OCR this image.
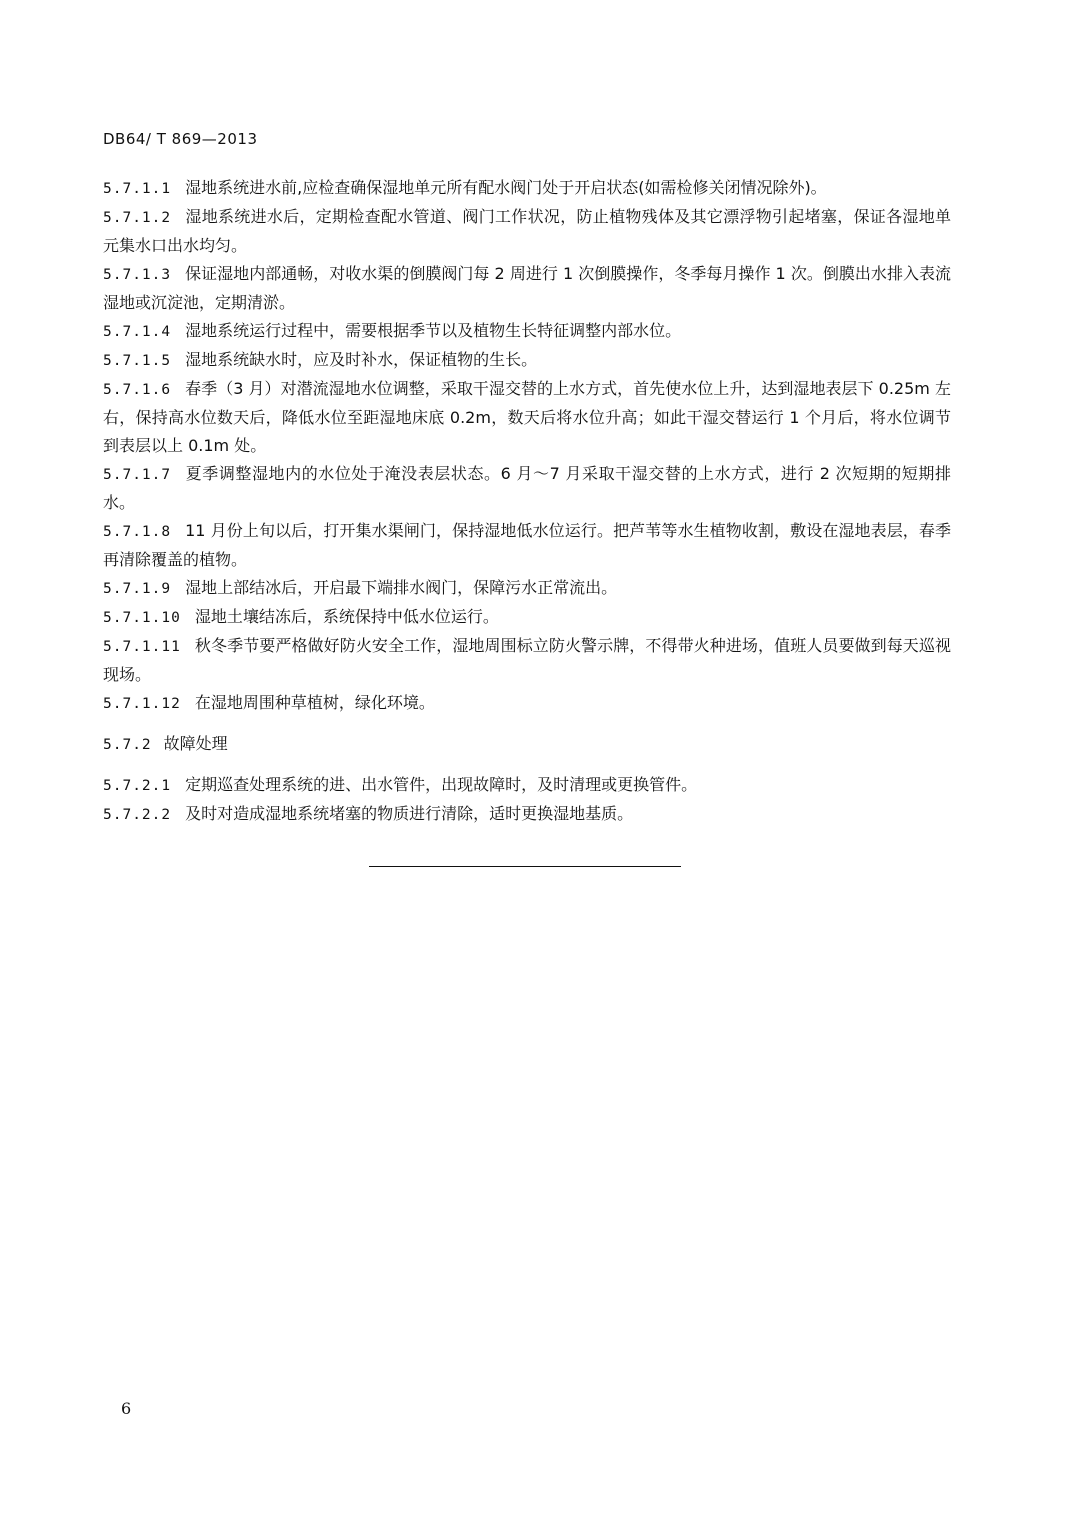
DB64/ T 869—2013

5.7.1.1 湿地系统进水前,应检查确保湿地单元所有配水阀门处于开启状态(如需检修关闭情况除外)。

5.7.1.2 湿地系统进水后，定期检查配水管道、阀门工作状况，防止植物残体及其它漂浮物引起堵塞，保证各湿地单元集水口出水均匀。

5.7.1.3 保证湿地内部通畅，对收水渠的倒膜阀门每 2 周进行 1 次倒膜操作，冬季每月操作 1 次。倒膜出水排入表流湿地或沉淀池，定期清淤。

5.7.1.4 湿地系统运行过程中，需要根据季节以及植物生长特征调整内部水位。

5.7.1.5 湿地系统缺水时，应及时补水，保证植物的生长。

5.7.1.6 春季（3 月）对潜流湿地水位调整，采取干湿交替的上水方式，首先使水位上升，达到湿地表层下 0.25m 左右，保持高水位数天后，降低水位至距湿地床底 0.2m，数天后将水位升高；如此干湿交替运行 1 个月后，将水位调节到表层以上 0.1m 处。

5.7.1.7 夏季调整湿地内的水位处于淹没表层状态。6 月～7 月采取干湿交替的上水方式，进行 2 次短期的短期排水。

5.7.1.8 11 月份上旬以后，打开集水渠闸门，保持湿地低水位运行。把芦苇等水生植物收割，敷设在湿地表层，春季再清除覆盖的植物。

5.7.1.9 湿地上部结冰后，开启最下端排水阀门，保障污水正常流出。

5.7.1.10 湿地土壤结冻后，系统保持中低水位运行。

5.7.1.11 秋冬季节要严格做好防火安全工作，湿地周围标立防火警示牌，不得带火种进场，值班人员要做到每天巡视现场。

5.7.1.12 在湿地周围种草植树，绿化环境。

5.7.2 故障处理

5.7.2.1 定期巡查处理系统的进、出水管件，出现故障时，及时清理或更换管件。

5.7.2.2 及时对造成湿地系统堵塞的物质进行清除，适时更换湿地基质。

6
